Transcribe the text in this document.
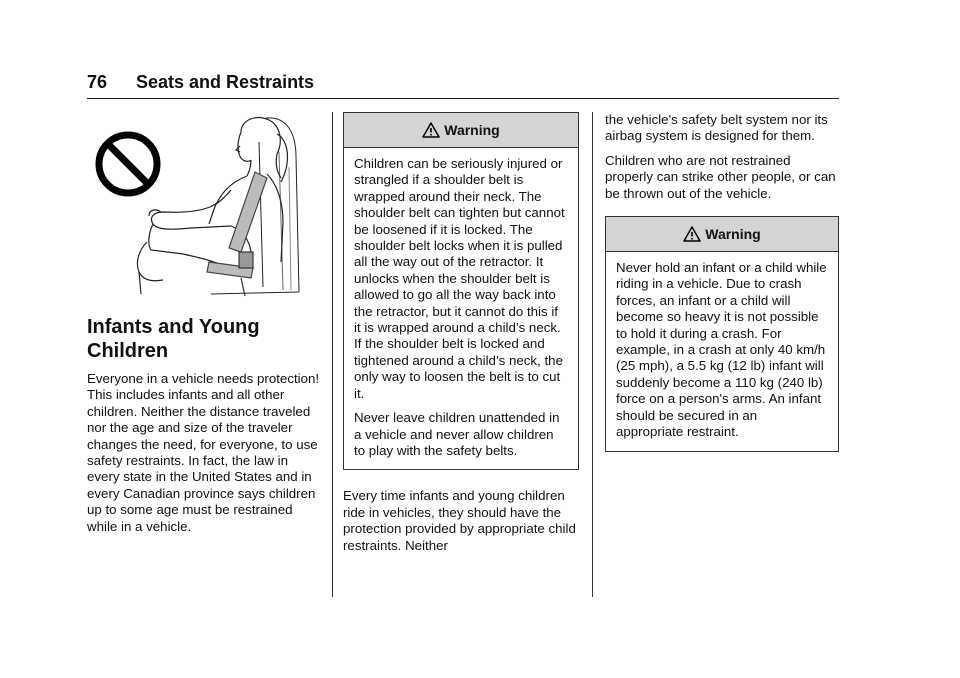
76 Seats and Restraints
Infants and Young Children

Everyone in a vehicle needs protection! This includes infants and all other children. Neither the distance traveled nor the age and size of the traveler changes the need, for everyone, to use safety restraints. In fact, the law in every state in the United States and in every Canadian province says children up to some age must be restrained while in a vehicle.

Warning

Children can be seriously injured or strangled if a shoulder belt is wrapped around their neck. The shoulder belt can tighten but cannot be loosened if it is locked. The shoulder belt locks when it is pulled all the way out of the retractor. It unlocks when the shoulder belt is allowed to go all the way back into the retractor, but it cannot do this if it is wrapped around a child’s neck. If the shoulder belt is locked and tightened around a child’s neck, the only way to loosen the belt is to cut it.

Never leave children unattended in a vehicle and never allow children to play with the safety belts.

Every time infants and young children ride in vehicles, they should have the protection provided by appropriate child restraints. Neither

the vehicle's safety belt system nor its airbag system is designed for them.

Children who are not restrained properly can strike other people, or can be thrown out of the vehicle.

Warning

Never hold an infant or a child while riding in a vehicle. Due to crash forces, an infant or a child will become so heavy it is not possible to hold it during a crash. For example, in a crash at only 40 km/h (25 mph), a 5.5 kg (12 lb) infant will suddenly become a 110 kg (240 lb) force on a person's arms. An infant should be secured in an appropriate restraint.
